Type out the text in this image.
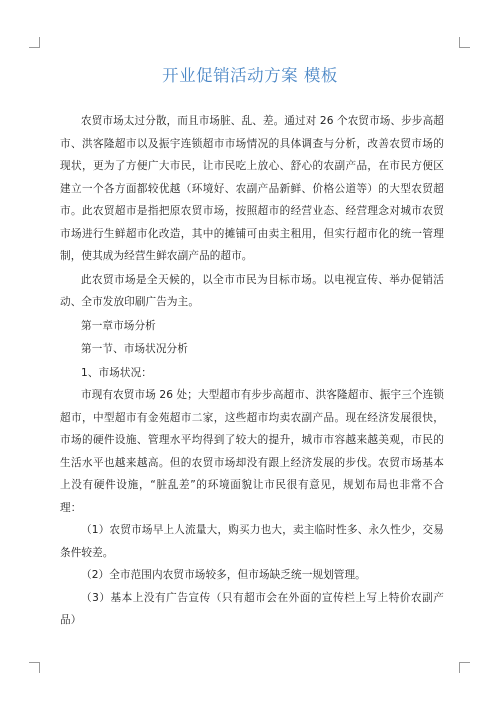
开业促销活动方案 模板

农贸市场太过分散，而且市场脏、乱、差。通过对 26 个农贸市场、步步高超市、洪客隆超市以及振宇连锁超市市场情况的具体调查与分析，改善农贸市场的现状，更为了方便广大市民，让市民吃上放心、舒心的农副产品，在市民方便区建立一个各方面都较优越（环境好、农副产品新鲜、价格公道等）的大型农贸超市。此农贸超市是指把原农贸市场，按照超市的经营业态、经营理念对城市农贸市场进行生鲜超市化改造，其中的摊铺可由卖主租用，但实行超市化的统一管理制，使其成为经营生鲜农副产品的超市。

此农贸市场是全天候的，以全市市民为目标市场。以电视宣传、举办促销活动、全市发放印刷广告为主。

第一章市场分析

第一节、市场状况分析

1、市场状况：

市现有农贸市场 26 处；大型超市有步步高超市、洪客隆超市、振宇三个连锁超市，中型超市有金苑超市二家，这些超市均卖农副产品。现在经济发展很快，市场的硬件设施、管理水平均得到了较大的提升，城市市容越来越美观，市民的生活水平也越来越高。但的农贸市场却没有跟上经济发展的步伐。农贸市场基本上没有硬件设施，“脏乱差”的环境面貌让市民很有意见，规划布局也非常不合理：

（1）农贸市场早上人流量大，购买力也大，卖主临时性多、永久性少，交易条件较差。

（2）全市范围内农贸市场较多，但市场缺乏统一规划管理。

（3）基本上没有广告宣传（只有超市会在外面的宣传栏上写上特价农副产品）
